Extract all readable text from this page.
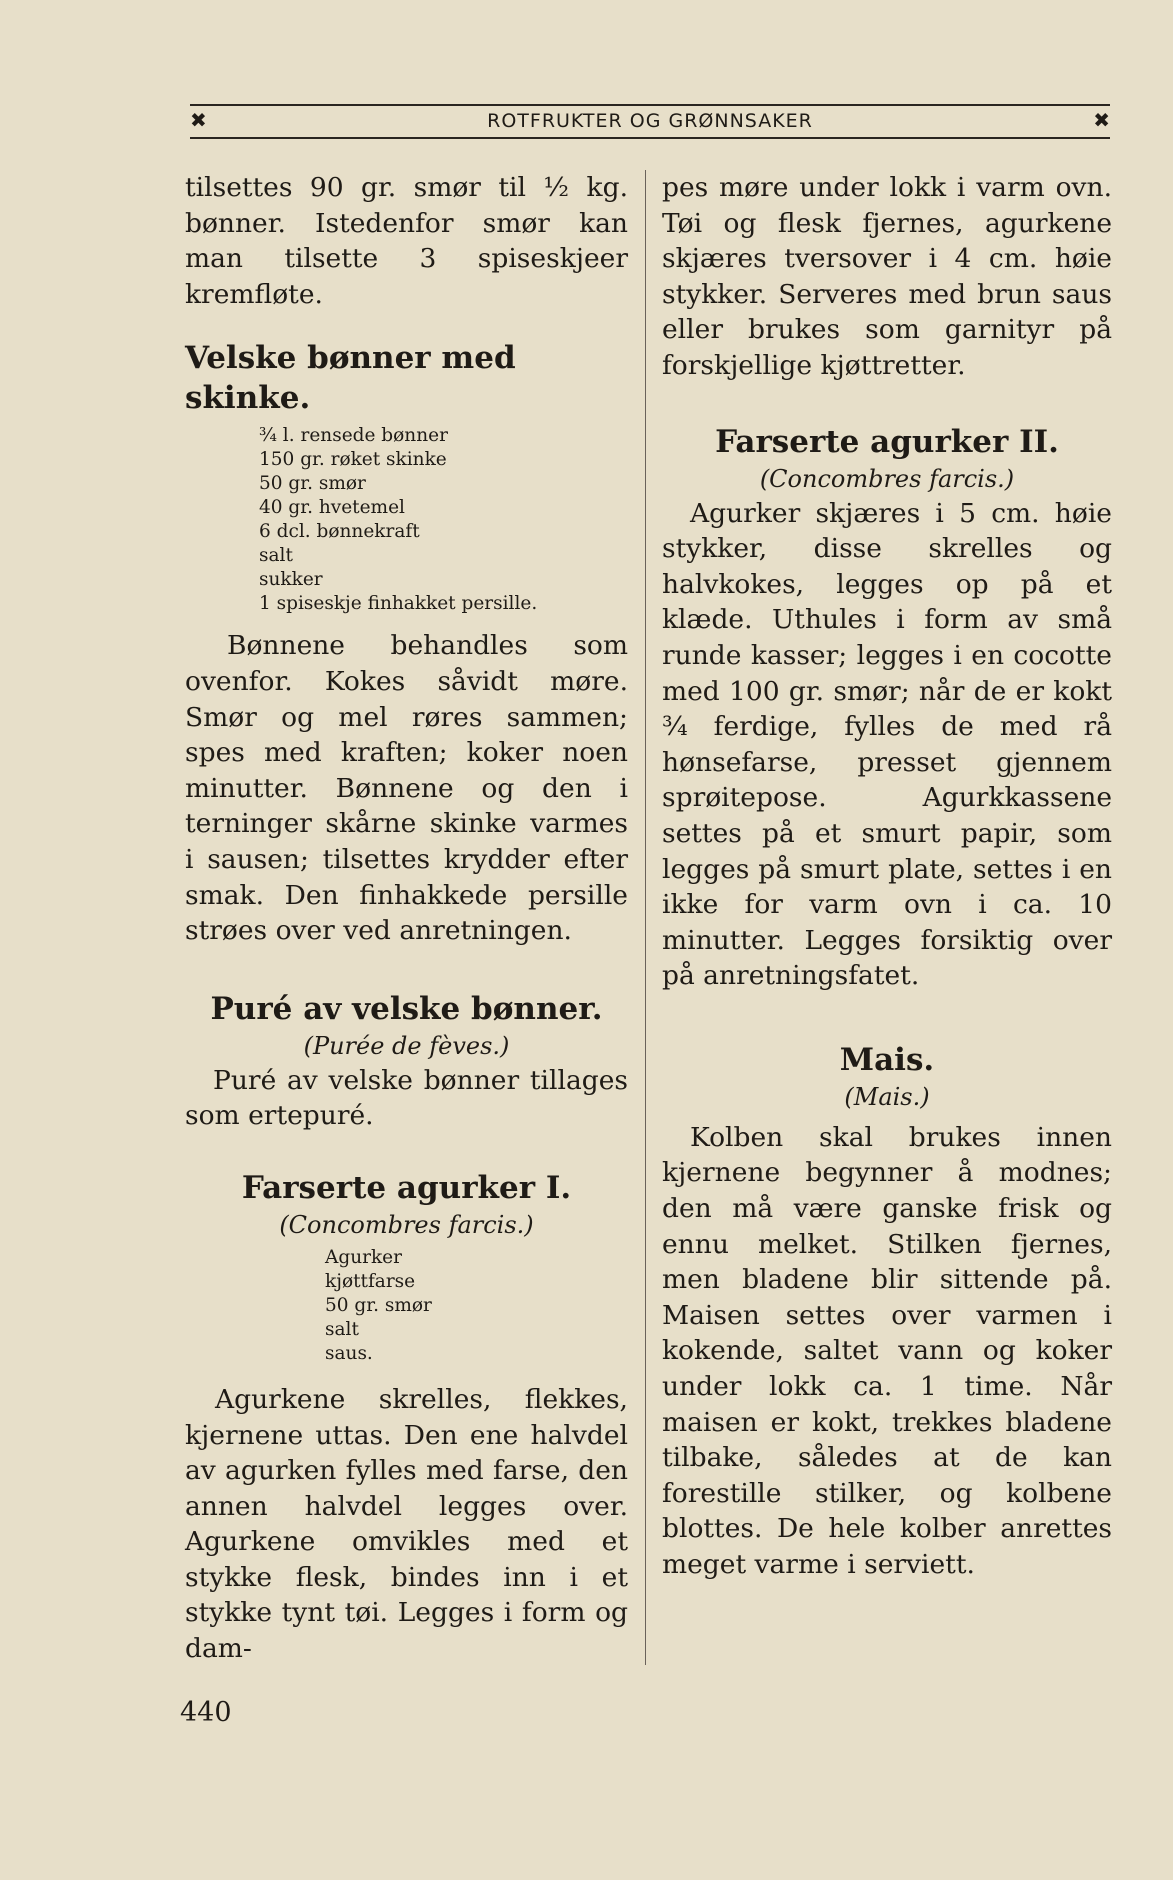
✖	ROTFRUKTER OG GRØNNSAKER	✖

tilsettes 90 gr. smør til ½ kg. bønner. Istedenfor smør kan man tilsette 3 spiseskjeer kremfløte.

Velske bønner med skinke.
¾ l. rensede bønner
150 gr. røket skinke
50 gr. smør
40 gr. hvetemel
6 dcl. bønnekraft
salt
sukker
1 spiseskje finhakket persille.

Bønnene behandles som ovenfor. Kokes såvidt møre. Smør og mel røres sammen; spes med kraften; koker noen minutter. Bønnene og den i terninger skårne skinke varmes i sausen; tilsettes krydder efter smak. Den finhakkede persille strøes over ved anretningen.

Puré av velske bønner.

(Purée de fèves.)

Puré av velske bønner tillages som ertepuré.

Farserte agurker I.

(Concombres farcis.)

Agurker
kjøttfarse
50 gr. smør
salt
saus.

Agurkene skrelles, flekkes, kjernene uttas. Den ene halvdel av agurken fylles med farse, den annen halvdel legges over. Agurkene omvikles med et stykke flesk, bindes inn i et stykke tynt tøi. Legges i form og dam-

pes møre under lokk i varm ovn. Tøi og flesk fjernes, agurkene skjæres tversover i 4 cm. høie stykker. Serveres med brun saus eller brukes som garnityr på forskjellige kjøttretter.

Farserte agurker II.

(Concombres farcis.)

Agurker skjæres i 5 cm. høie stykker, disse skrelles og halvkokes, legges op på et klæde. Uthules i form av små runde kasser; legges i en cocotte med 100 gr. smør; når de er kokt ¾ ferdige, fylles de med rå hønsefarse, presset gjennem sprøitepose. Agurkkassene settes på et smurt papir, som legges på smurt plate, settes i en ikke for varm ovn i ca. 10 minutter. Legges forsiktig over på anretningsfatet.

Mais.

(Mais.)

Kolben skal brukes innen kjernene begynner å modnes; den må være ganske frisk og ennu melket. Stilken fjernes, men bladene blir sittende på. Maisen settes over varmen i kokende, saltet vann og koker under lokk ca. 1 time. Når maisen er kokt, trekkes bladene tilbake, således at de kan forestille stilker, og kolbene blottes. De hele kolber anrettes meget varme i serviett.

440
